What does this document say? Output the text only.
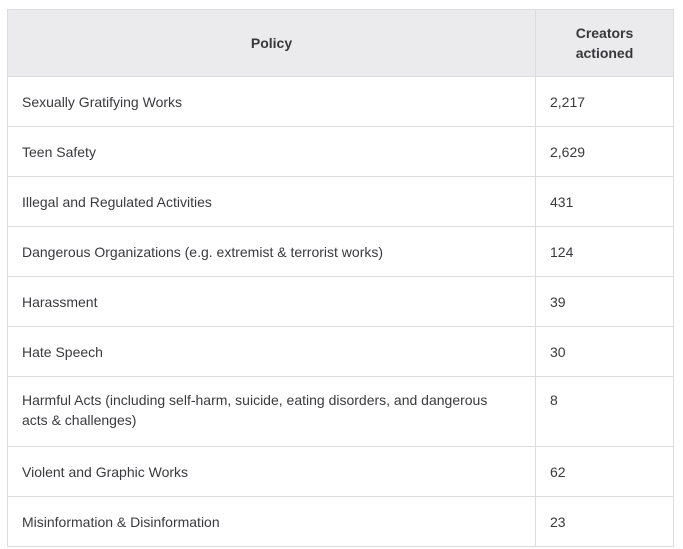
Policy	Creators actioned
Sexually Gratifying Works	2,217
Teen Safety	2,629
Illegal and Regulated Activities	431
Dangerous Organizations (e.g. extremist & terrorist works)	124
Harassment	39
Hate Speech	30
Harmful Acts (including self-harm, suicide, eating disorders, and dangerous acts & challenges)	8
Violent and Graphic Works	62
Misinformation & Disinformation	23
